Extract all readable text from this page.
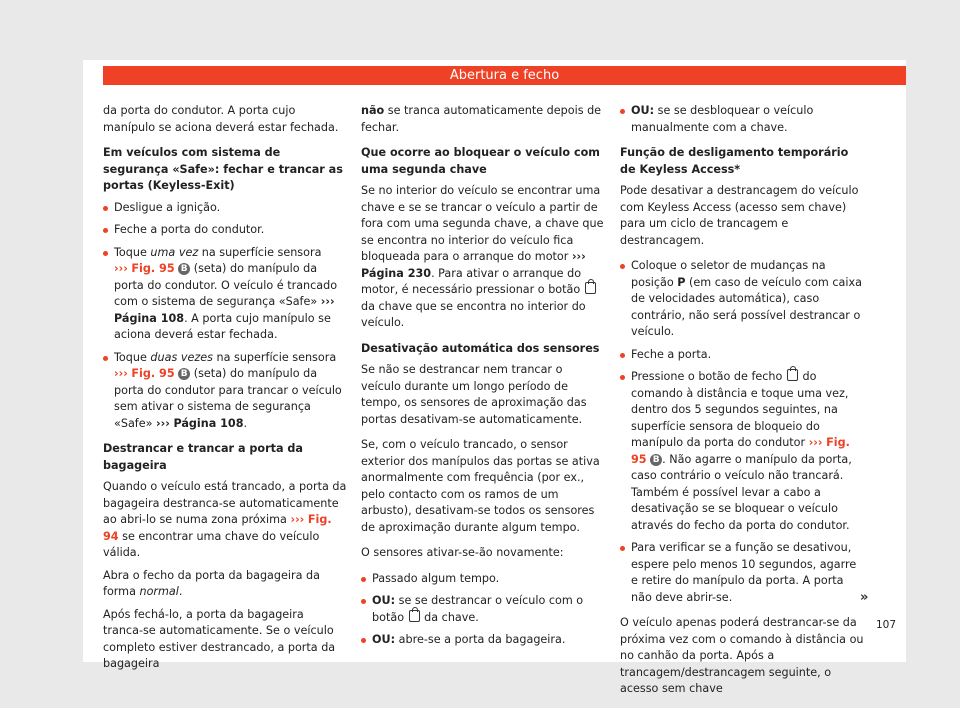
Abertura e fecho

da porta do condutor. A porta cujo manípulo se aciona deverá estar fechada.

Em veículos com sistema de segurança «Safe»: fechar e trancar as portas (Keyless-Exit)
Desligue a ignição.
Feche a porta do condutor.
Toque uma vez na superfície sensora
››› Fig. 95 B (seta) do manípulo da porta do condutor. O veículo é trancado com o sistema de segurança «Safe» ››› Página 108. A porta cujo manípulo se aciona deverá estar fechada.
Toque duas vezes na superfície sensora
››› Fig. 95 B (seta) do manípulo da porta do condutor para trancar o veículo sem ativar o sistema de segurança «Safe» ››› Página 108.
Destrancar e trancar a porta da bagageira

Quando o veículo está trancado, a porta da bagageira destranca-se automaticamente ao abri-lo se numa zona próxima ››› Fig. 94 se encontrar uma chave do veículo válida.

Abra o fecho da porta da bagageira da forma normal.

Após fechá-lo, a porta da bagageira tranca-se automaticamente. Se o veículo completo estiver destrancado, a porta da bagageira

não se tranca automaticamente depois de fechar.

Que ocorre ao bloquear o veículo com uma segunda chave

Se no interior do veículo se encontrar uma chave e se se trancar o veículo a partir de fora com uma segunda chave, a chave que se encontra no interior do veículo fica bloqueada para o arranque do motor ››› Página 230. Para ativar o arranque do motor, é necessário pressionar o botão  da chave que se encontra no interior do veículo.

Desativação automática dos sensores

Se não se destrancar nem trancar o veículo durante um longo período de tempo, os sensores de aproximação das portas desativam-se automaticamente.

Se, com o veículo trancado, o sensor exterior dos manípulos das portas se ativa anormalmente com frequência (por ex., pelo contacto com os ramos de um arbusto), desativam-se todos os sensores de aproximação durante algum tempo.

O sensores ativar-se-ão novamente:

Passado algum tempo.
OU: se se destrancar o veículo com o botão  da chave.
OU: abre-se a porta da bagageira.
OU: se se desbloquear o veículo manualmente com a chave.
Função de desligamento temporário de Keyless Access*

Pode desativar a destrancagem do veículo com Keyless Access (acesso sem chave) para um ciclo de trancagem e destrancagem.

Coloque o seletor de mudanças na posição P (em caso de veículo com caixa de velocidades automática), caso contrário, não será possível destrancar o veículo.
Feche a porta.
Pressione o botão de fecho  do comando à distância e toque uma vez, dentro dos 5 segundos seguintes, na superfície sensora de bloqueio do manípulo da porta do condutor ››› Fig. 95 B . Não agarre o manípulo da porta, caso contrário o veículo não trancará. Também é possível levar a cabo a desativação se se bloquear o veículo através do fecho da porta do condutor.
Para verificar se a função se desativou, espere pelo menos 10 segundos, agarre e retire do manípulo da porta. A porta não deve abrir-se.

O veículo apenas poderá destrancar-se da próxima vez com o comando à distância ou no canhão da porta. Após a trancagem/destrancagem seguinte, o acesso sem chave

»
107
